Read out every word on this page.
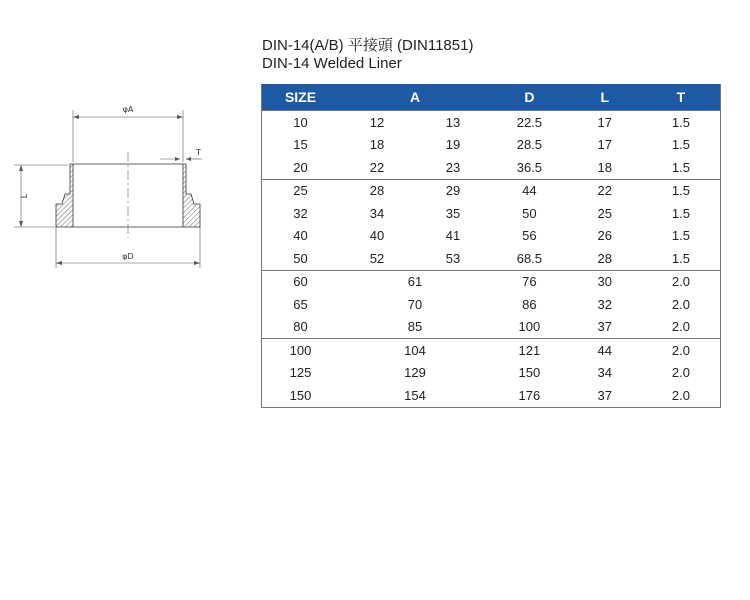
DIN-14(A/B) 平接頭 (DIN11851)
DIN-14 Welded Liner
φA
T
L
φD
SIZE	A		D	L	T
10	12	13	22.5	17	1.5
15	18	19	28.5	17	1.5
20	22	23	36.5	18	1.5
25	28	29	44	22	1.5
32	34	35	50	25	1.5
40	40	41	56	26	1.5
50	52	53	68.5	28	1.5
60	61		76	30	2.0
65	70		86	32	2.0
80	85		100	37	2.0
100	104		121	44	2.0
125	129		150	34	2.0
150	154		176	37	2.0
